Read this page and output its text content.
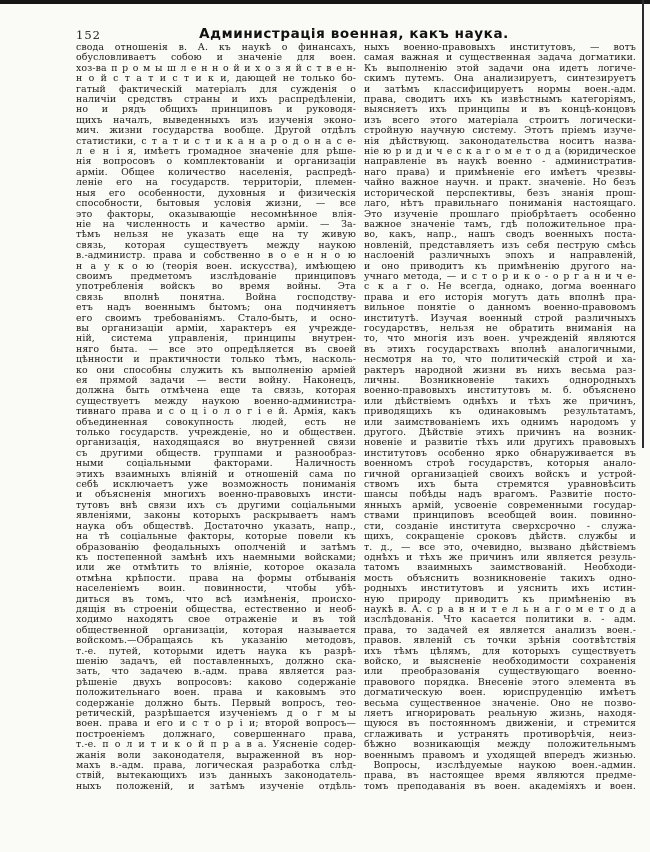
152	Администрація военная, какъ наука.
свода отношенія в. А. къ наукѣ о финансахъ,
обусловливаетъ собою и значеніе для воен.
хоз-ва п р о м ы ш л е н н о й и х о з я й с т в е н-
н о й с т а т и с т и к и, дающей не только бо-
гатый фактическій матеріалъ для сужденія о
наличіи средствъ страны и ихъ распредѣленіи,
но и рядъ общихъ принциповъ и руководя-
щихъ началъ, выведенныхъ изъ изученія эконо-
мич. жизни государства вообще. Другой отдѣлъ
статистики, с т а т и с т и к а н а р о д о н а с е-
л е н і я, имѣетъ громадное значеніе для рѣше-
нія вопросовъ о комплектованіи и организаціи
арміи. Общее количество населенія, распредѣ-
леніе его на государств. территоріи, племен-
ныя его особенности, духовныя и физическія
способности, бытовыя условія жизни, — все
это факторы, оказывающіе несомнѣнное влія-
ніе на численность и качество арміи. — За-
тѣмъ нельзя не указать еще на ту живую
связь, которая существуетъ между наукою
в.-администр. права и собственно в о е н н о ю
н а у к о ю (теорія воен. искусства), имѣющею
своимъ предметомъ изслѣдованіе принциповъ
употребленія войскъ во время войны. Эта
связь вполнѣ понятна. Война господству-
етъ надъ военнымъ бытомъ; она подчиняетъ
его своимъ требованіямъ. Стало-быть, и осно-
вы организаціи арміи, характеръ ея учрежде-
ній, система управленія, принципы внутрен-
няго быта. — все это опредѣляется въ своей
цѣнности и практичности только тѣмъ, насколь-
ко они способны служить къ выполненію арміей
ея прямой задачи — вести войну. Наконецъ,
должна быть отмѣчена еще та связь, которая
существуетъ между наукою военно-администра-
тивнаго права и с о ц і о л о г і е й. Армія, какъ
объединенная совокупность людей, есть не
только государств. учрежденіе, но и обществен.
организація, находящаяся во внутренней связи
съ другими обществ. группами и разнообраз-
ными соціальными факторами. Наличность
этихъ взаимныхъ вліяній и отношеній сама по
себѣ исключаетъ уже возможность пониманія
и объясненія многихъ военно-правовыхъ инсти-
тутовъ внѣ связи ихъ съ другими соціальными
явленіями, законы которыхъ раскрываетъ намъ
наука объ обществѣ. Достаточно указать, напр.,
на тѣ соціальные факторы, которые повели къ
образованію феодальныхъ ополченій и затѣмъ
къ постепенной замѣнѣ ихъ наемными войсками;
или же отмѣтить то вліяніе, которое оказала
отмѣна крѣпости. права на формы отбыванія
населеніемъ воин. повинности, чтобы убѣ-
диться въ томъ, что всѣ измѣненія, происхо-
дящія въ строеніи общества, естественно и необ-
ходимо находятъ свое отраженіе и въ той
общественной организаціи, которая называется
войскомъ.—Обращаясь къ указанію методовъ,
т.-е. путей, которыми идетъ наука къ разрѣ-
шенію задачъ, ей поставленныхъ, должно ска-
зать, что задачею в.-адм. права является раз-
рѣшеніе двухъ вопросовъ: каково содержаніе
положительнаго воен. права и каковымъ это
содержаніе должно быть. Первый вопросъ, тео-
ретическій, разрѣшается изученіемъ д о г м ы
воен. права и его и с т о р і и; второй вопросъ—
построеніемъ должнаго, совершеннаго права,
т.-е. п о л и т и к о й п р а в а. Уясненіе содер-
жанія воли законодателя, выраженной въ нор-
махъ в.-адм. права, логическая разработка слѣд-
ствій, вытекающихъ изъ данныхъ законодатель-
ныхъ положеній, и затѣмъ изученіе отдѣль-
ныхъ военно-правовыхъ институтовъ, — вотъ
самая важная и существенная задача догматики.
Къ выполненію этой задачи она идетъ логиче-
скимъ путемъ. Она анализируетъ, синтезируетъ
и затѣмъ классифицируетъ нормы воен.-адм.
права, сводитъ ихъ къ извѣстнымъ категоріямъ,
выясняетъ ихъ принципы и въ концѣ-концовъ
изъ всего этого матеріала строитъ логически-
стройную научную систему. Этотъ пріемъ изуче-
нія дѣйствующ. законодательства носитъ назва-
ніе ю р и д и ч е с к а г о м е т о д а (юридическое
направленіе въ наукѣ военно - административ-
наго права) и примѣненіе его имѣетъ чрезвы-
чайно важное научн. и практ. значеніе. Но безъ
исторической перспективы, безъ знанія прош-
лаго, нѣтъ правильнаго пониманія настоящаго.
Это изученіе прошлаго пріобрѣтаетъ особенно
важное значеніе тамъ, гдѣ положительное пра-
во, какъ, напр., нашъ сводъ военныхъ поста-
новленій, представляетъ изъ себя пеструю смѣсь
наслоеній различныхъ эпохъ и направленій,
и оно приводитъ къ примѣненію другого на-
учнаго метода, — и с т о р и к о - о р г а н и ч е-
с к а г о. Не всегда, однако, догма военнаго
права и его исторія могутъ дать вполнѣ пра-
вильное понятіе о данномъ военно-правовомъ
институтѣ. Изучая военный строй различныхъ
государствъ, нельзя не обратить вниманія на
то, что многія изъ воен. учрежденій являются
въ этихъ государствахъ вполнѣ аналогичными,
несмотря на то, что политическій строй и ха-
рактеръ народной жизни въ нихъ весьма раз-
личны. Возникновеніе такихъ однородныхъ
военно-правовыхъ институтовъ м. б. объяснено
или дѣйствіемъ однѣхъ и тѣхъ же причинъ,
приводящихъ къ одинаковымъ результатамъ,
или заимствованіемъ ихъ однимъ народомъ у
другого. Дѣйствіе этихъ причинъ на возник-
новеніе и развитіе тѣхъ или другихъ правовыхъ
институтовъ особенно ярко обнаруживается въ
военномъ строѣ государствъ, которыя анало-
гичной организаціей своихъ войскъ и устрой-
ствомъ ихъ быта стремятся уравновѣсить
шансы побѣды надъ врагомъ. Развитіе посто-
янныхъ армій, усвоеніе современными государ-
ствами принциповъ всеобщей воин. повинно-
сти, созданіе института сверхсрочно - служа-
щихъ, сокращеніе сроковъ дѣйств. службы и
т. д., — все это, очевидно, вызвано дѣйствіемъ
однѣхъ и тѣхъ же причинъ или является резуль-
татомъ взаимныхъ заимствованій. Необходи-
мость объяснить возникновеніе такихъ одно-
родныхъ институтовъ и уяснить ихъ истин-
ную природу приводитъ къ примѣненію въ
наукѣ в. А. с р а в н и т е л ь н а г о м е т о д а
изслѣдованія. Что касается политики в. - адм.
права, то задачей ея является анализъ воен.-
правов. явленій съ точки зрѣнія соотвѣтствія
ихъ тѣмъ цѣлямъ, для которыхъ существуетъ
войско, и выясненіе необходимости сохраненія
или преобразованія существующаго военно-
правового порядка. Внесеніе этого элемента въ
догматическую воен. юриспруденцію имѣетъ
весьма существенное значеніе. Оно не позво-
ляетъ игнорировать реальную жизнь, находя-
щуюся въ постоянномъ движеніи, и стремится
сглаживать и устранять противорѣчія, неиз-
бѣжно возникающія между положительнымъ
военнымъ правомъ и уходящей впередъ жизнью.
 Вопросы, изслѣдуемые наукою воен.-админ.
права, въ настоящее время являются предме-
томъ преподаванія въ воен. академіяхъ и воен.
